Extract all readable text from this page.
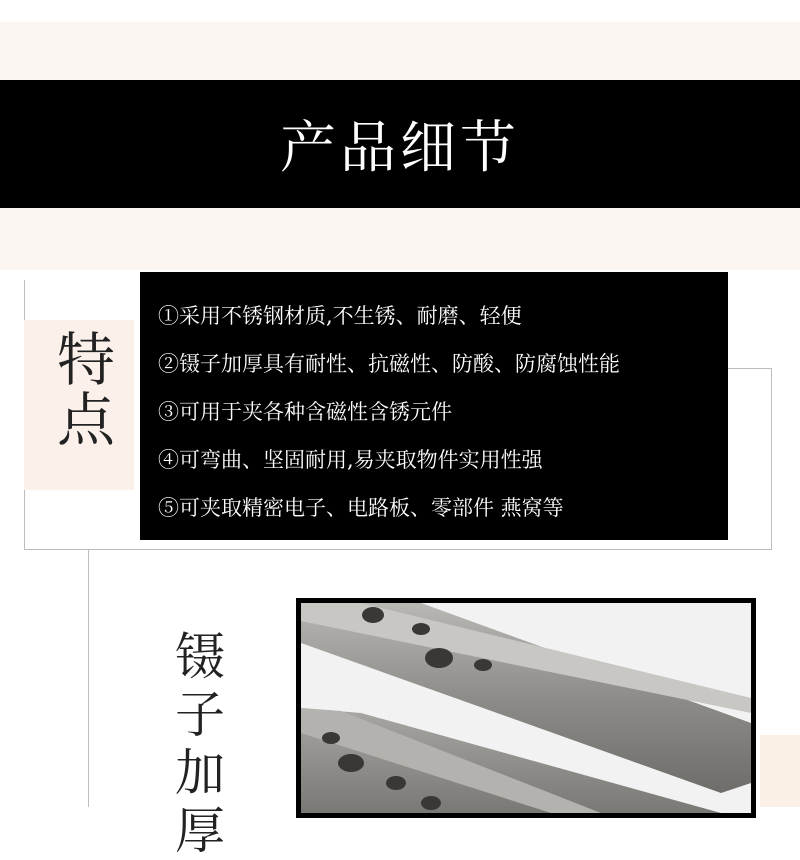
产品细节
特点
①采用不锈钢材质,不生锈、耐磨、轻便
②镊子加厚具有耐性、抗磁性、防酸、防腐蚀性能
③可用于夹各种含磁性含锈元件
④可弯曲、坚固耐用,易夹取物件实用性强
⑤可夹取精密电子、电路板、零部件 燕窝等
镊子加厚
